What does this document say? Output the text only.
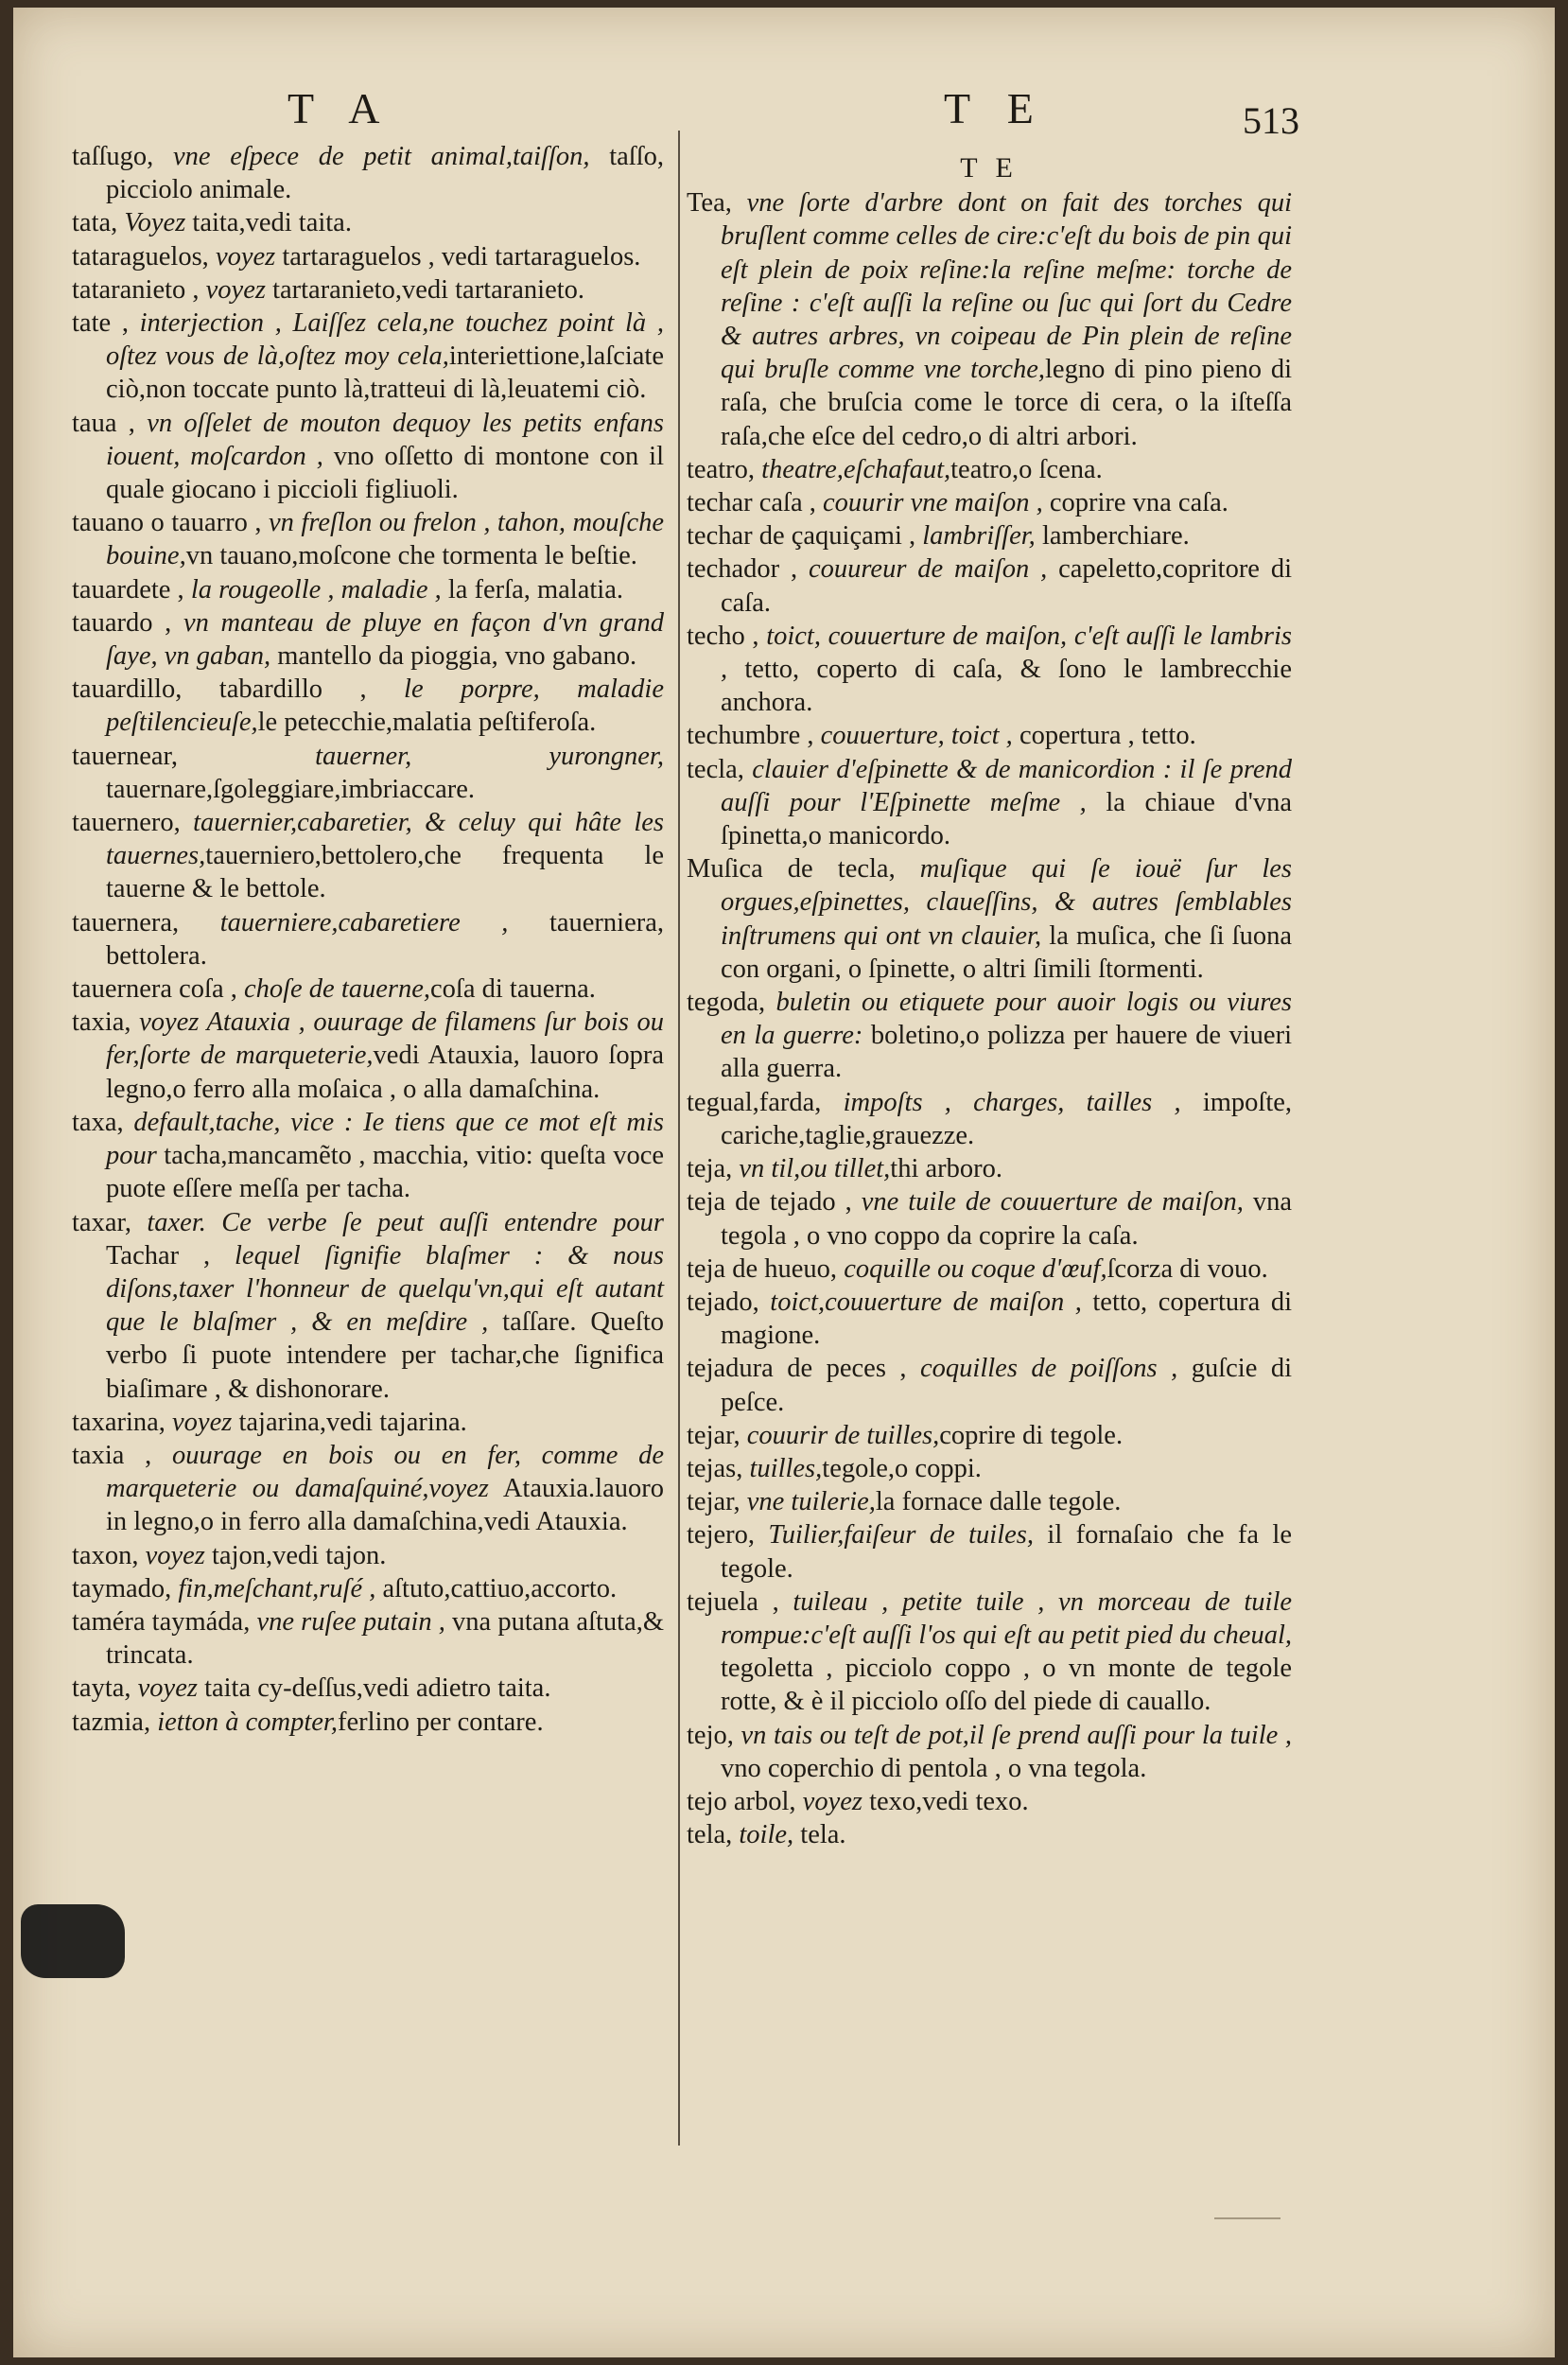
T A	T E	513

taſſugo, vne eſpece de petit animal,taiſſon, taſſo, picciolo animale.

tata, Voyez taita,vedi taita.

tataraguelos, voyez tartaraguelos , vedi tartaraguelos.

tataranieto , voyez tartaranieto,vedi tartaranieto.

tate , interjection , Laiſſez cela,ne touchez point là , oſtez vous de là,oſtez moy cela,interiettione,laſciate ciò,non toccate punto là,tratteui di là,leuatemi ciò.

taua , vn oſſelet de mouton dequoy les petits enfans iouent, moſcardon , vno oſſetto di montone con il quale giocano i piccioli figliuoli.

tauano o tauarro , vn freſlon ou frelon , tahon, mouſche bouine,vn tauano,moſcone che tormenta le beſtie.

tauardete , la rougeolle , maladie , la ferſa, malatia.

tauardo , vn manteau de pluye en façon d'vn grand ſaye, vn gaban, mantello da pioggia, vno gabano.

tauardillo, tabardillo , le porpre, maladie peſtilencieuſe,le petecchie,malatia peſtiferoſa.

tauernear,	tauerner, yurongner, tauernare,ſgoleggiare,imbriaccare.

tauernero, tauernier,cabaretier, & celuy qui hâte les tauernes,tauerniero,bettolero,che frequenta le tauerne & le bettole.

tauernera, tauerniere,cabaretiere , tauerniera, bettolera.

tauernera coſa , choſe de tauerne,coſa di tauerna.

taxia, voyez Atauxia , ouurage de filamens ſur bois ou fer,ſorte de marqueterie,vedi Atauxia, lauoro ſopra legno,o ferro alla moſaica , o alla damaſchina.

taxa, default,tache, vice : Ie tiens que ce mot eſt mis pour tacha,mancamẽto , macchia, vitio: queſta voce puote eſſere meſſa per tacha.

taxar, taxer. Ce verbe ſe peut auſſi entendre pour Tachar , lequel ſignifie blaſmer : & nous diſons,taxer l'honneur de quelqu'vn,qui eſt autant que le blaſmer , & en meſdire , taſſare. Queſto verbo ſi puote intendere per tachar,che ſignifica biaſimare , & dishonorare.

taxarina, voyez tajarina,vedi tajarina.

taxia , ouurage en bois ou en fer, comme de marqueterie ou damaſquiné,voyez Atauxia.lauoro in legno,o in ferro alla damaſchina,vedi Atauxia.

taxon, voyez tajon,vedi tajon.

taymado, fin,meſchant,ruſé , aſtuto,cattiuo,accorto.

taméra taymáda, vne ruſee putain , vna putana aſtuta,& trincata.

tayta, voyez taita cy-deſſus,vedi adietro taita.

tazmia, ietton à compter,ferlino per contare.

T E

Tea, vne ſorte d'arbre dont on fait des torches qui bruſlent comme celles de cire:c'eſt du bois de pin qui eſt plein de poix reſine:la reſine meſme: torche de reſine : c'eſt auſſi la reſine ou ſuc qui ſort du Cedre & autres arbres, vn coipeau de Pin plein de reſine qui bruſle comme vne torche,legno di pino pieno di raſa, che bruſcia come le torce di cera, o la iſteſſa raſa,che eſce del cedro,o di altri arbori.

teatro, theatre,eſchafaut,teatro,o ſcena.

techar caſa , couurir vne maiſon , coprire vna caſa.

techar de çaquiçami , lambriſſer, lamberchiare.

techador , couureur de maiſon , capeletto,copritore di caſa.

techo , toict, couuerture de maiſon, c'eſt auſſi le lambris , tetto, coperto di caſa, & ſono le lambrecchie anchora.

techumbre , couuerture, toict , copertura , tetto.

tecla, clauier d'eſpinette & de manicordion : il ſe prend auſſi pour l'Eſpinette meſme , la chiaue d'vna ſpinetta,o manicordo.

Muſica de tecla, muſique qui ſe iouë ſur les orgues,eſpinettes, claueſſins, & autres ſemblables inſtrumens qui ont vn clauier, la muſica, che ſi ſuona con organi, o ſpinette, o altri ſimili ſtormenti.

tegoda, buletin ou etiquete pour auoir logis ou viures en la guerre: boletino,o polizza per hauere de viueri alla guerra.

tegual,farda, impoſts , charges, tailles , impoſte, cariche,taglie,grauezze.

teja, vn til,ou tillet,thi arboro.

teja de tejado , vne tuile de couuerture de maiſon, vna tegola , o vno coppo da coprire la caſa.

teja de hueuo, coquille ou coque d'œuf,ſcorza di vouo.

tejado, toict,couuerture de maiſon , tetto, copertura di magione.

tejadura de peces , coquilles de poiſſons , guſcie di peſce.

tejar, couurir de tuilles,coprire di tegole.

tejas, tuilles,tegole,o coppi.

tejar, vne tuilerie,la fornace dalle tegole.

tejero, Tuilier,faiſeur de tuiles, il fornaſaio che fa le tegole.

tejuela , tuileau , petite tuile , vn morceau de tuile rompue:c'eſt auſſi l'os qui eſt au petit pied du cheual, tegoletta , picciolo coppo , o vn monte de tegole rotte, & è il picciolo oſſo del piede di cauallo.

tejo, vn tais ou teſt de pot,il ſe prend auſſi pour la tuile , vno coperchio di pentola , o vna tegola.

tejo arbol, voyez texo,vedi texo.

tela, toile, tela.
